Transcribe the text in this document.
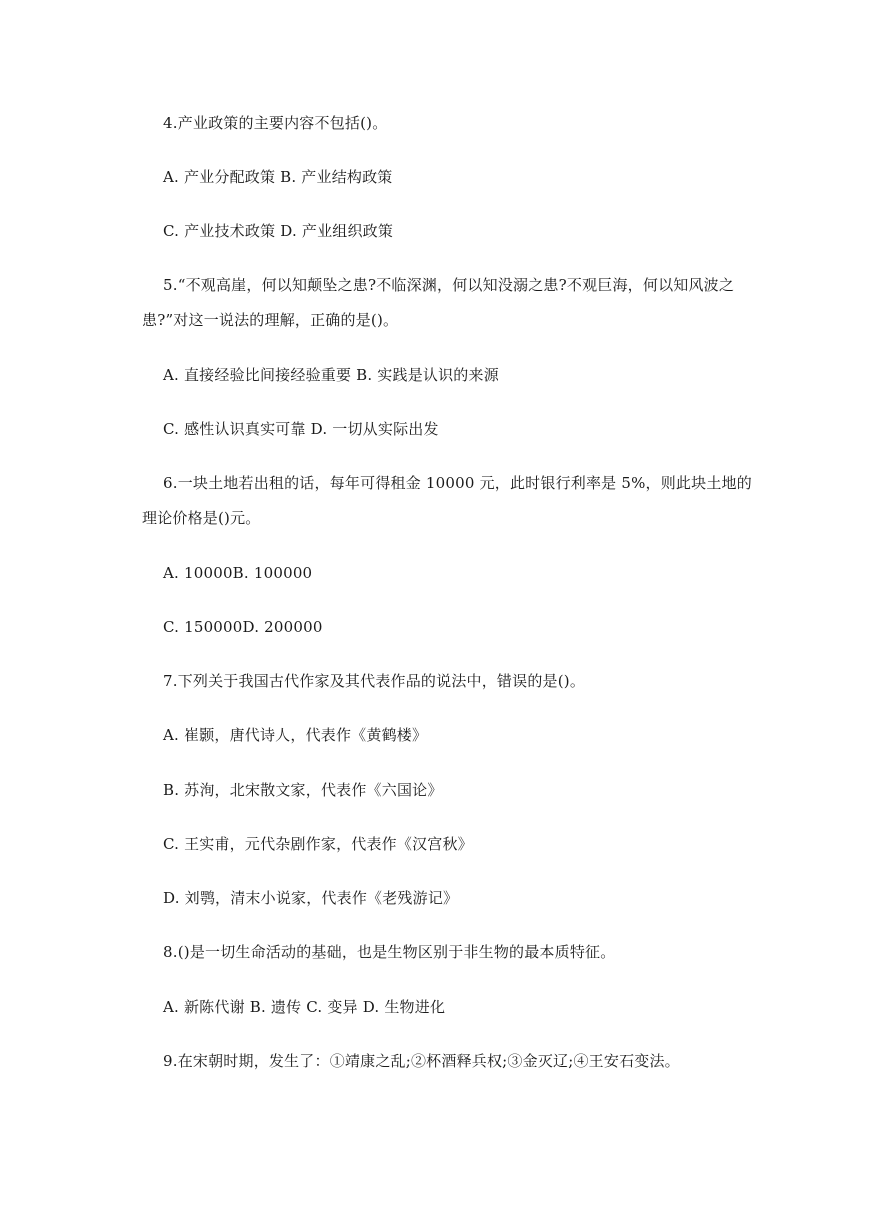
4.产业政策的主要内容不包括()。
A. 产业分配政策 B. 产业结构政策
C. 产业技术政策 D. 产业组织政策
5.“不观高崖，何以知颠坠之患?不临深渊，何以知没溺之患?不观巨海，何以知风波之
患?”对这一说法的理解，正确的是()。
A. 直接经验比间接经验重要 B. 实践是认识的来源
C. 感性认识真实可靠 D. 一切从实际出发
6.一块土地若出租的话，每年可得租金 10000 元，此时银行利率是 5%，则此块土地的
理论价格是()元。
A. 10000B. 100000
C. 150000D. 200000
7.下列关于我国古代作家及其代表作品的说法中，错误的是()。
A. 崔颢，唐代诗人，代表作《黄鹤楼》
B. 苏洵，北宋散文家，代表作《六国论》
C. 王实甫，元代杂剧作家，代表作《汉宫秋》
D. 刘鹗，清末小说家，代表作《老残游记》
8.()是一切生命活动的基础，也是生物区别于非生物的最本质特征。
A. 新陈代谢 B. 遗传 C. 变异 D. 生物进化
9.在宋朝时期，发生了：①靖康之乱;②杯酒释兵权;③金灭辽;④王安石变法。
